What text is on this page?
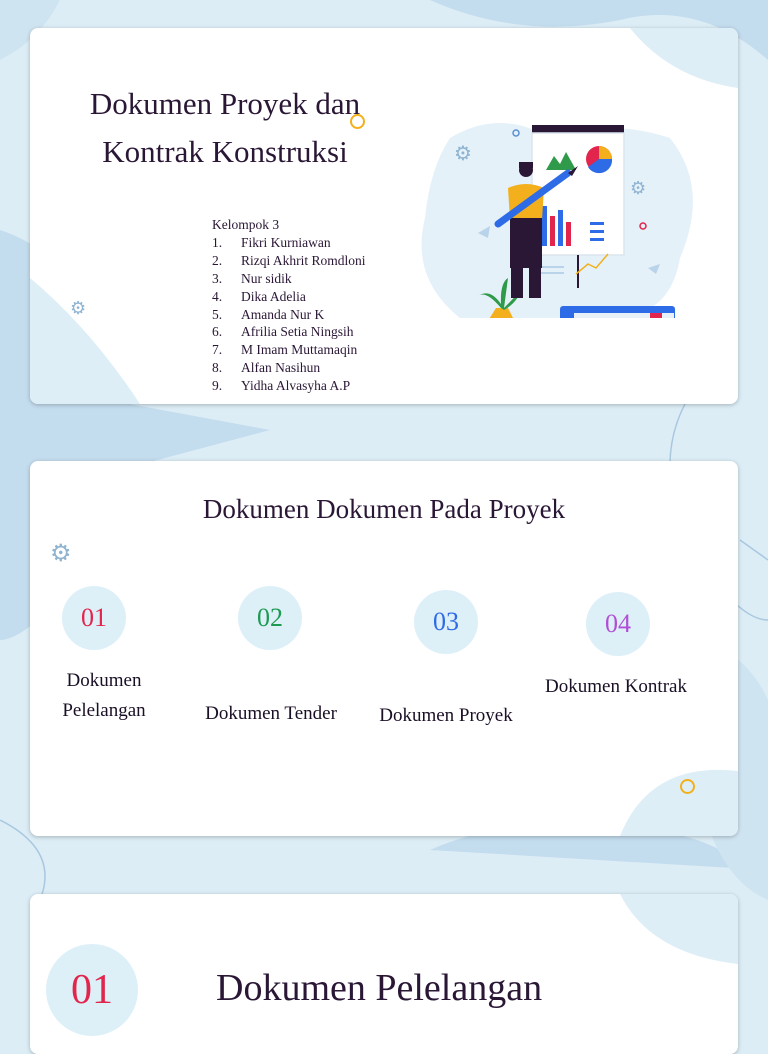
Dokumen Proyek dan
Kontrak Konstruksi
Kelompok 3
1.	Fikri Kurniawan
2.	Rizqi Akhrit Romdloni
3.	Nur sidik
4.	Dika Adelia
5.	Amanda Nur K
6.	Afrilia Setia Ningsih
7.	M Imam Muttamaqin
8.	Alfan Nasihun
9.	Yidha Alvasyha A.P
⚙
⚙
⚙
Dokumen Dokumen Pada Proyek
⚙
01	02	03	04
Dokumen
Pelelangan	Dokumen Tender	Dokumen Proyek
Dokumen Kontrak
01	Dokumen Pelelangan
